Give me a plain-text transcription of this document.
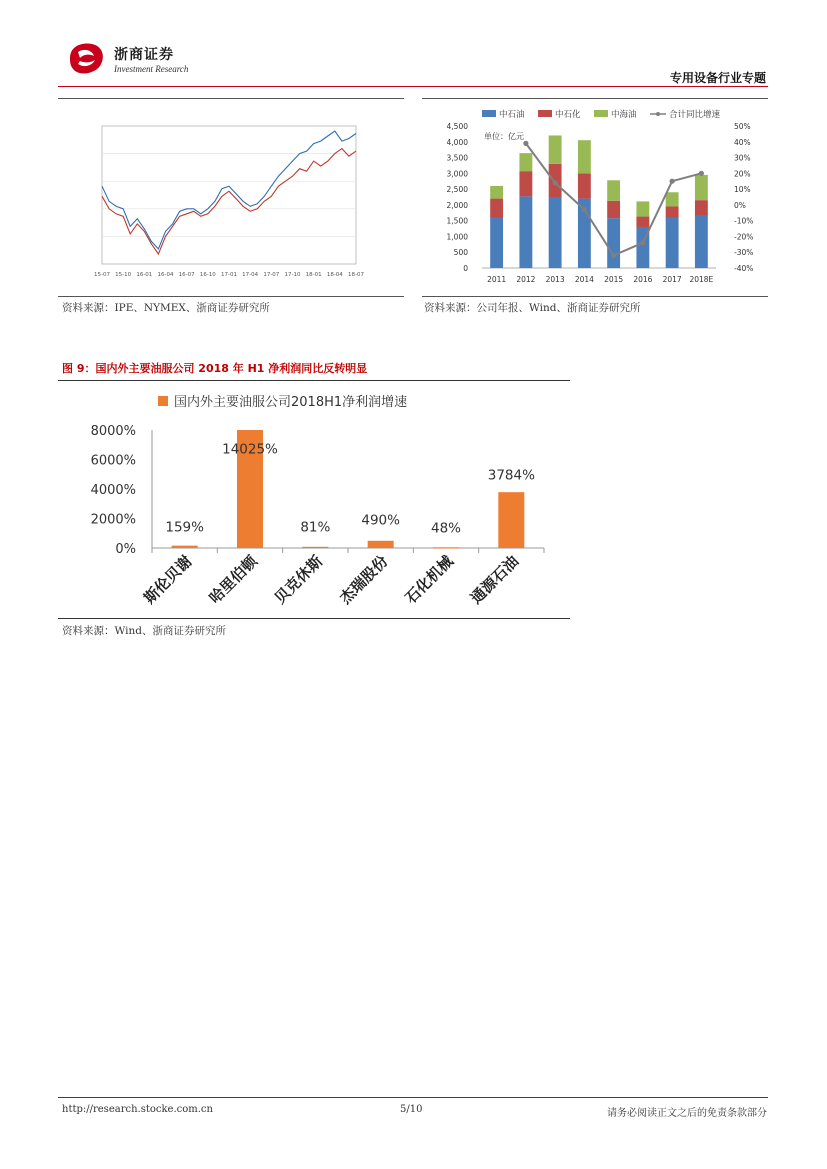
浙商证券
Investment Research
专用设备行业专题
15-07 15-10 16-01 16-04 16-07 16-10 17-01 17-04 17-07 17-10 18-01 18-04 18-07
资料来源：IPE、NYMEX、浙商证券研究所
中石油	中石化	中海油	合计同比增速
单位：亿元
0
500
1,000
1,500
2,000
2,500
3,000
3,500
4,000
4,500
-40%
-30%
-20%
-10%
0%
10%
20%
30%
40%
50%
2011 2012 2013 2014 2015 2016 2017 2018E
资料来源：公司年报、Wind、浙商证券研究所
图 9：国内外主要油服公司 2018 年 H1 净利润同比反转明显
国内外主要油服公司2018H1净利润增速
0%
2000%
4000%
6000%
8000%
159%
斯伦贝谢
14025%
哈里伯顿
81%
贝克休斯
490%
杰瑞股份
48%
石化机械
3784%
通源石油
资料来源：Wind、浙商证券研究所
http://research.stocke.com.cn	5/10	请务必阅读正文之后的免责条款部分
